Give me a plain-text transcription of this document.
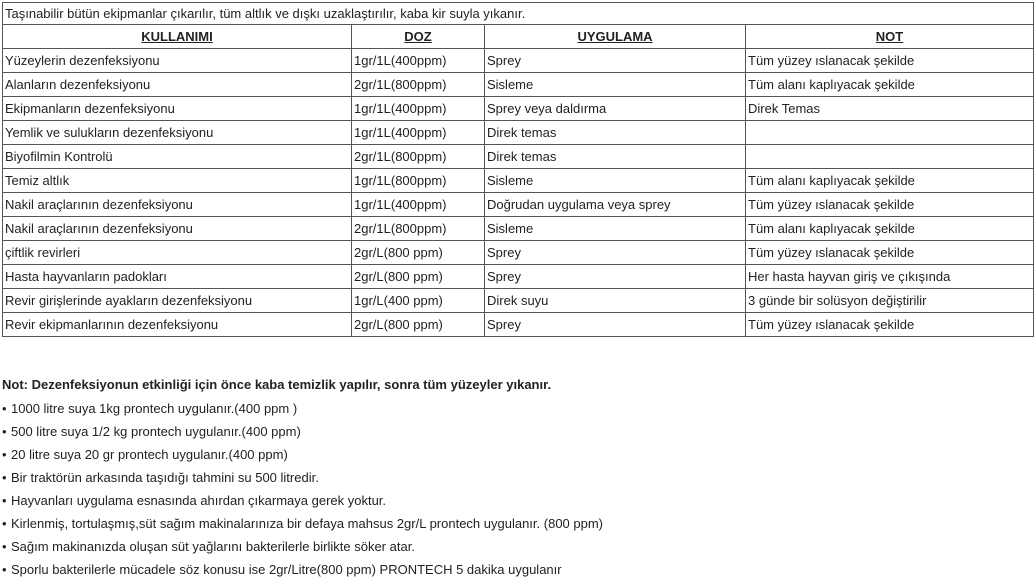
Taşınabilir bütün ekipmanlar çıkarılır, tüm altlık ve dışkı uzaklaştırılır, kaba kir suyla yıkanır.			
KULLANIMI	DOZ	UYGULAMA	NOT
Yüzeylerin dezenfeksiyonu	1gr/1L(400ppm)	Sprey	Tüm yüzey ıslanacak şekilde
Alanların dezenfeksiyonu	2gr/1L(800ppm)	Sisleme	Tüm alanı kaplıyacak şekilde
Ekipmanların dezenfeksiyonu	1gr/1L(400ppm)	Sprey veya daldırma	Direk Temas
Yemlik ve sulukların dezenfeksiyonu	1gr/1L(400ppm)	Direk temas	
Biyofilmin Kontrolü	2gr/1L(800ppm)	Direk temas	
Temiz altlık	1gr/1L(800ppm)	Sisleme	Tüm alanı kaplıyacak şekilde
Nakil araçlarının dezenfeksiyonu	1gr/1L(400ppm)	Doğrudan uygulama veya sprey	Tüm yüzey ıslanacak şekilde
Nakil araçlarının dezenfeksiyonu	2gr/1L(800ppm)	Sisleme	Tüm alanı kaplıyacak şekilde
çiftlik revirleri	2gr/L(800 ppm)	Sprey	Tüm yüzey ıslanacak şekilde
Hasta hayvanların padokları	2gr/L(800 ppm)	Sprey	Her hasta hayvan giriş ve çıkışında
Revir girişlerinde ayakların dezenfeksiyonu	1gr/L(400 ppm)	Direk suyu	3 günde bir solüsyon değiştirilir
Revir ekipmanlarının dezenfeksiyonu	2gr/L(800 ppm)	Sprey	Tüm yüzey ıslanacak şekilde
Not: Dezenfeksiyonun etkinliği için önce kaba temizlik yapılır, sonra tüm yüzeyler yıkanır.
• 1000 litre suya 1kg prontech uygulanır.(400 ppm )
• 500 litre suya 1/2 kg prontech uygulanır.(400 ppm)
• 20 litre suya 20 gr prontech uygulanır.(400 ppm)
• Bir traktörün arkasında taşıdığı tahmini su 500 litredir.
• Hayvanları uygulama esnasında ahırdan çıkarmaya gerek yoktur.
• Kirlenmiş, tortulaşmış,süt sağım makinalarınıza bir defaya mahsus 2gr/L prontech uygulanır. (800 ppm)
• Sağım makinanızda oluşan süt yağlarını bakterilerle birlikte söker atar.
• Sporlu bakterilerle mücadele söz konusu ise 2gr/Litre(800 ppm) PRONTECH 5 dakika uygulanır
